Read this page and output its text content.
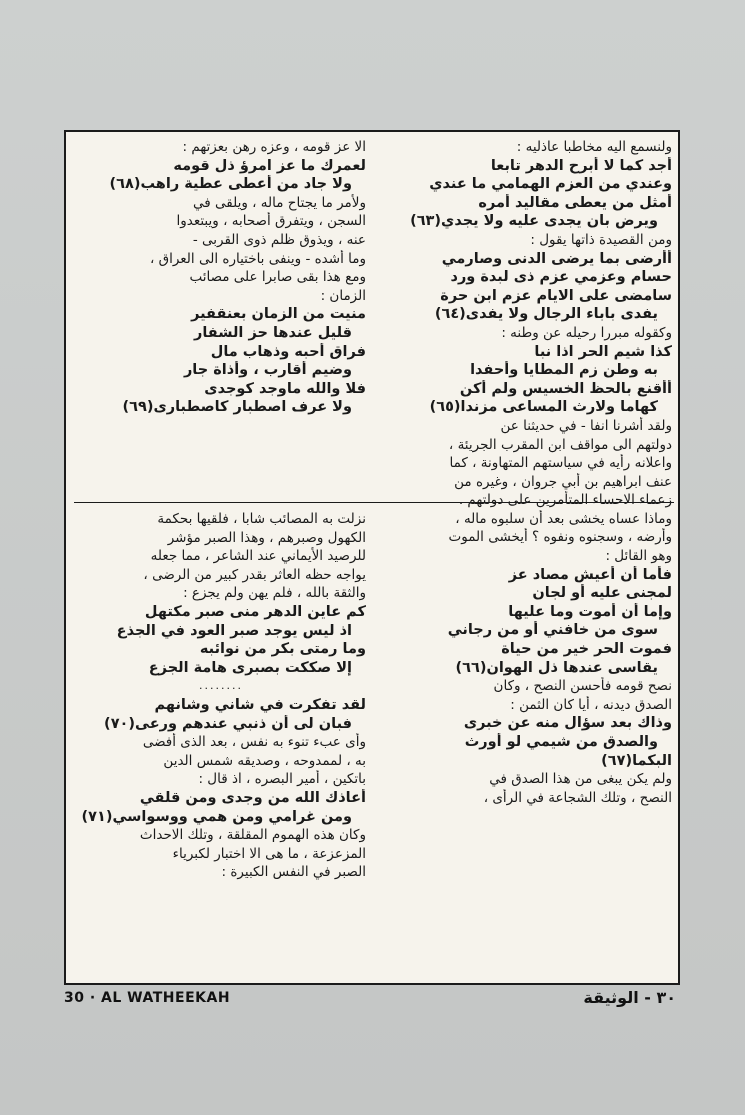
ولنسمع اليه مخاطبا عاذليه :
أجد كما لا أبرح الدهر تابعا
وعندي من العزم الهمامي ما عندي
أمثل من يعطى مقاليد أمره
ويرض بان يجدى عليه ولا يجدي(٦٣)
ومن القصيدة ذاتها يقول :
أأرضى بما يرضى الدنى وصارمي
حسام وعزمي عزم ذى لبدة ورد
سامضى على الايام عزم ابن حرة
يفدى باباء الرجال ولا يفدى(٦٤)
وكقوله مبررا رحيله عن وطنه :
كذا شيم الحر اذا نبا
به وطن زم المطايا وأحفدا
أأقنع بالحظ الخسيس ولم أكن
كهاما ولارث المساعى مزندا(٦٥)
ولقد أشرنا انفا - في حديثنا عن
دولتهم الى مواقف ابن المقرب الجريئة ،
واعلانه رأيه في سياستهم المتهاونة ، كما
عنف ابراهيم بن أبي جروان ، وغيره من
زعماء الاحساء المتأمرين على دولتهم .
وماذا عساه يخشى بعد أن سلبوه ماله ،
وأرضه ، وسجنوه ونفوه ؟ أيخشى الموت
وهو القائل :
فأما أن أعيش مصاد عز
لمجنى عليه أو لجان
وإما أن أموت وما عليها
سوى من خافني أو من رجاني
فموت الحر خير من حياة
يقاسى عندها ذل الهوان(٦٦)
نصح قومه فأحسن النصح ، وكان
الصدق ديدنه ، أيا كان الثمن :
وذاك بعد سؤال منه عن خبرى
والصدق من شيمي لو أورث
البكما(٦٧)
ولم يكن يبغى من هذا الصدق في
النصح ، وتلك الشجاعة في الرأى ،
الا عز قومه ، وعزه رهن بعزتهم :
لعمرك ما عز امرؤ ذل قومه
ولا جاد من أعطى عطية راهب(٦٨)
ولأمر ما يجتاح ماله ، ويلقى في
السجن ، ويتفرق أصحابه ، ويبتعدوا
عنه ، ويذوق ظلم ذوى القربى -
وما أشده - وينفى باختياره الى العراق ،
ومع هذا بقى صابرا على مصائب
الزمان :
منيت من الزمان بعنقفير
قليل عندها حز الشفار
فراق أحبه وذهاب مال
وضيم أقارب ، وأذاة جار
فلا والله ماوجد كوجدى
ولا عرف اصطبار كاصطبارى(٦٩)
نزلت به المصائب شابا ، فلقيها بحكمة
الكهول وصبرهم ، وهذا الصبر مؤشر
للرصيد الأيماني عند الشاعر ، مما جعله
يواجه حظه العاثر بقدر كبير من الرضى ،
والثقة بالله ، فلم يهن ولم يجزع :
كم عاين الدهر منى صبر مكتهل
اذ ليس يوجد صبر العود في الجذع
وما رمتى بكر من نوائبه
إلا صككت بصبرى هامة الجزع
........
لقد تفكرت في شاني وشانهم
فبان لى أن ذنبي عندهم ورعى(٧٠)
وأى عبء تنوء به نفس ، بعد الذى أفضى
به ، لممدوحه ، وصديقه شمس الدين
باتكين ، أمير البصره ، اذ قال :
أعاذك الله من وجدى ومن قلقي
ومن غرامي ومن همي ووسواسي(٧١)
وكان هذه الهموم المقلقة ، وتلك الاحداث
المزعزعة ، ما هى الا اختبار لكبرياء
الصبر في النفس الكبيرة :
30 · AL WATHEEKAH	٣٠ - الوثيقة
